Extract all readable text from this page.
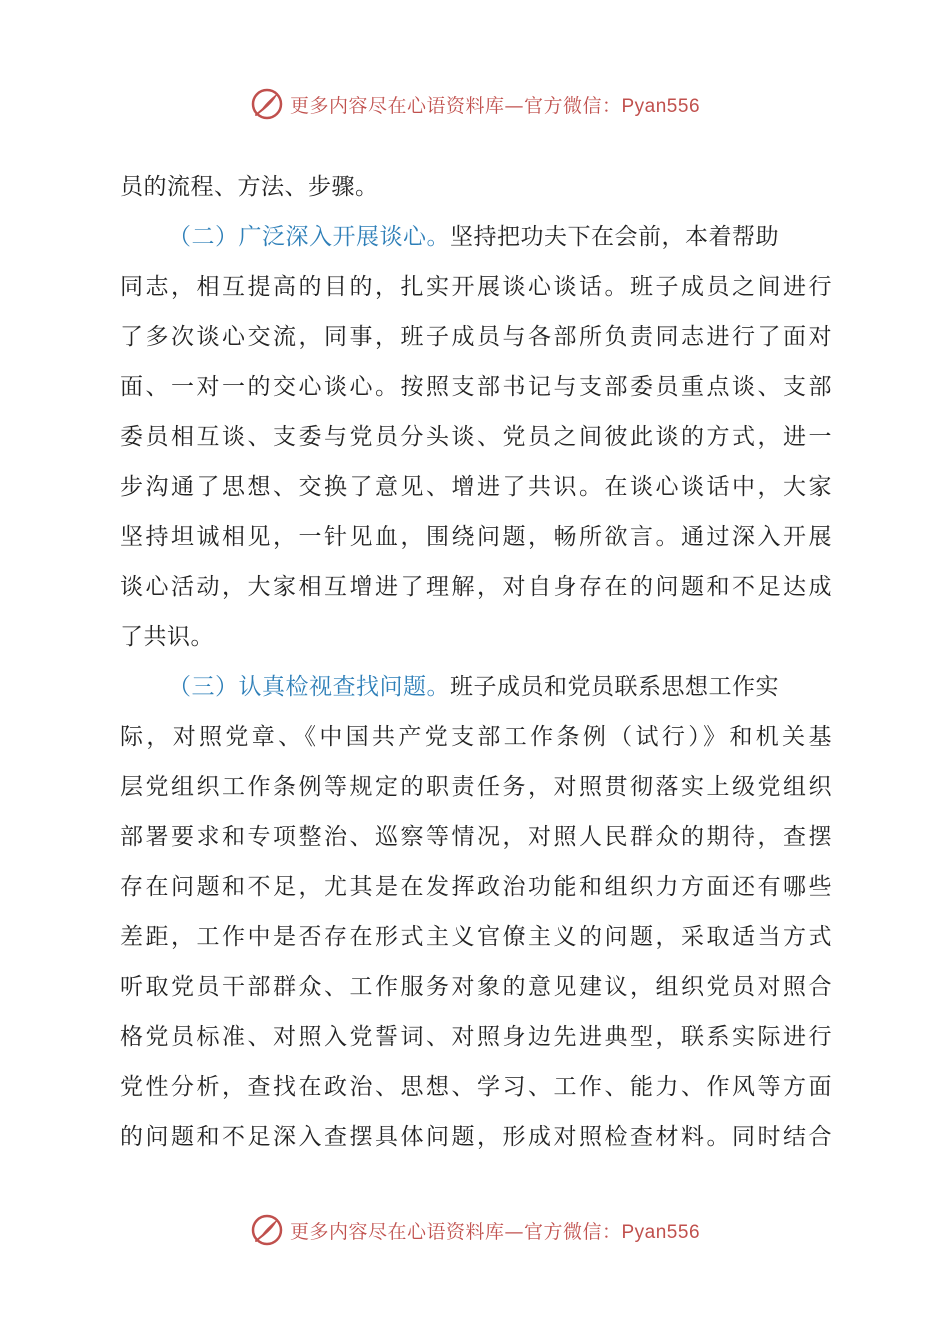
更多内容尽在心语资料库—官方微信：Pyan556
员的流程、方法、步骤。
（二）广泛深入开展谈心。坚持把功夫下在会前，本着帮助
同志，相互提高的目的，扎实开展谈心谈话。班子成员之间进行
了多次谈心交流，同事，班子成员与各部所负责同志进行了面对
面、一对一的交心谈心。按照支部书记与支部委员重点谈、支部
委员相互谈、支委与党员分头谈、党员之间彼此谈的方式，进一
步沟通了思想、交换了意见、增进了共识。在谈心谈话中，大家
坚持坦诚相见，一针见血，围绕问题，畅所欲言。通过深入开展
谈心活动，大家相互增进了理解，对自身存在的问题和不足达成
了共识。
（三）认真检视查找问题。班子成员和党员联系思想工作实
际，对照党章、《中国共产党支部工作条例（试行）》和机关基
层党组织工作条例等规定的职责任务，对照贯彻落实上级党组织
部署要求和专项整治、巡察等情况，对照人民群众的期待，查摆
存在问题和不足，尤其是在发挥政治功能和组织力方面还有哪些
差距，工作中是否存在形式主义官僚主义的问题，采取适当方式
听取党员干部群众、工作服务对象的意见建议，组织党员对照合
格党员标准、对照入党誓词、对照身边先进典型，联系实际进行
党性分析，查找在政治、思想、学习、工作、能力、作风等方面
的问题和不足深入查摆具体问题，形成对照检查材料。同时结合
更多内容尽在心语资料库—官方微信：Pyan556
